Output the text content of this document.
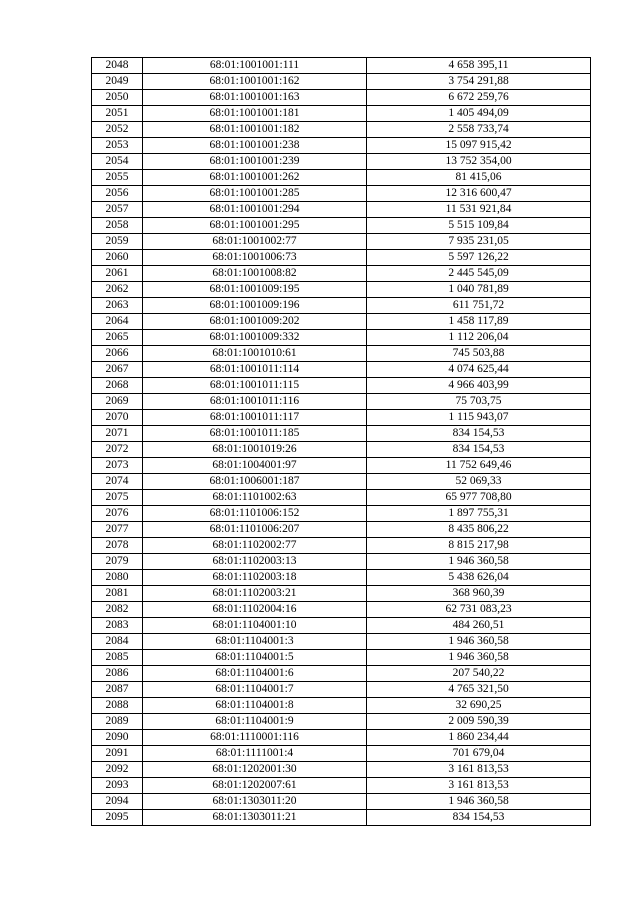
2048	68:01:1001001:111	4 658 395,11
2049	68:01:1001001:162	3 754 291,88
2050	68:01:1001001:163	6 672 259,76
2051	68:01:1001001:181	1 405 494,09
2052	68:01:1001001:182	2 558 733,74
2053	68:01:1001001:238	15 097 915,42
2054	68:01:1001001:239	13 752 354,00
2055	68:01:1001001:262	81 415,06
2056	68:01:1001001:285	12 316 600,47
2057	68:01:1001001:294	11 531 921,84
2058	68:01:1001001:295	5 515 109,84
2059	68:01:1001002:77	7 935 231,05
2060	68:01:1001006:73	5 597 126,22
2061	68:01:1001008:82	2 445 545,09
2062	68:01:1001009:195	1 040 781,89
2063	68:01:1001009:196	611 751,72
2064	68:01:1001009:202	1 458 117,89
2065	68:01:1001009:332	1 112 206,04
2066	68:01:1001010:61	745 503,88
2067	68:01:1001011:114	4 074 625,44
2068	68:01:1001011:115	4 966 403,99
2069	68:01:1001011:116	75 703,75
2070	68:01:1001011:117	1 115 943,07
2071	68:01:1001011:185	834 154,53
2072	68:01:1001019:26	834 154,53
2073	68:01:1004001:97	11 752 649,46
2074	68:01:1006001:187	52 069,33
2075	68:01:1101002:63	65 977 708,80
2076	68:01:1101006:152	1 897 755,31
2077	68:01:1101006:207	8 435 806,22
2078	68:01:1102002:77	8 815 217,98
2079	68:01:1102003:13	1 946 360,58
2080	68:01:1102003:18	5 438 626,04
2081	68:01:1102003:21	368 960,39
2082	68:01:1102004:16	62 731 083,23
2083	68:01:1104001:10	484 260,51
2084	68:01:1104001:3	1 946 360,58
2085	68:01:1104001:5	1 946 360,58
2086	68:01:1104001:6	207 540,22
2087	68:01:1104001:7	4 765 321,50
2088	68:01:1104001:8	32 690,25
2089	68:01:1104001:9	2 009 590,39
2090	68:01:1110001:116	1 860 234,44
2091	68:01:1111001:4	701 679,04
2092	68:01:1202001:30	3 161 813,53
2093	68:01:1202007:61	3 161 813,53
2094	68:01:1303011:20	1 946 360,58
2095	68:01:1303011:21	834 154,53
